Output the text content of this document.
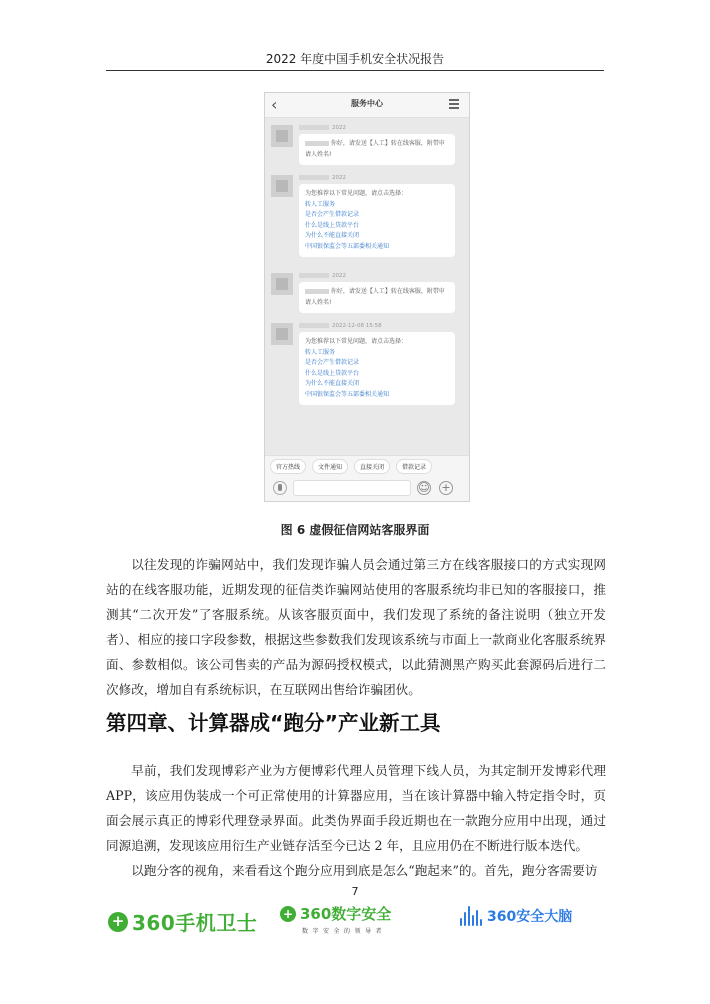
2022 年度中国手机安全状况报告
‹	服务中心
2022
你好，请发送【人工】转在线客服，附带申请人姓名!
2022
为您推荐以下常见问题，请点击选择：
转人工服务
是否会产生借款记录
什么是线上贷款平台
为什么不能直接关闭
中国银保监会等五部委相关通知
2022
你好，请发送【人工】转在线客服，附带申请人姓名!
2022-12-08 15:58
为您推荐以下常见问题，请点击选择：
转人工服务
是否会产生借款记录
什么是线上贷款平台
为什么不能直接关闭
中国银保监会等五部委相关通知
官方热线	文件通知	直接关闭	借款记录
☺ +
图 6 虚假征信网站客服界面

以往发现的诈骗网站中，我们发现诈骗人员会通过第三方在线客服接口的方式实现网站的在线客服功能，近期发现的征信类诈骗网站使用的客服系统均非已知的客服接口，推测其“二次开发”了客服系统。从该客服页面中，我们发现了系统的备注说明（独立开发者）、相应的接口字段参数，根据这些参数我们发现该系统与市面上一款商业化客服系统界面、参数相似。该公司售卖的产品为源码授权模式，以此猜测黑产购买此套源码后进行二次修改，增加自有系统标识，在互联网出售给诈骗团伙。

第四章、计算器成“跑分”产业新工具

早前，我们发现博彩产业为方便博彩代理人员管理下线人员，为其定制开发博彩代理APP，该应用伪装成一个可正常使用的计算器应用，当在该计算器中输入特定指令时，页面会展示真正的博彩代理登录界面。此类伪界面手段近期也在一款跑分应用中出现，通过同源追溯，发现该应用衍生产业链存活至今已达 2 年，且应用仍在不断进行版本迭代。

以跑分客的视角，来看看这个跑分应用到底是怎么“跑起来”的。首先，跑分客需要访

7
+ 360手机卫士 + 360数字安全
数字安全的领导者
360安全大脑
